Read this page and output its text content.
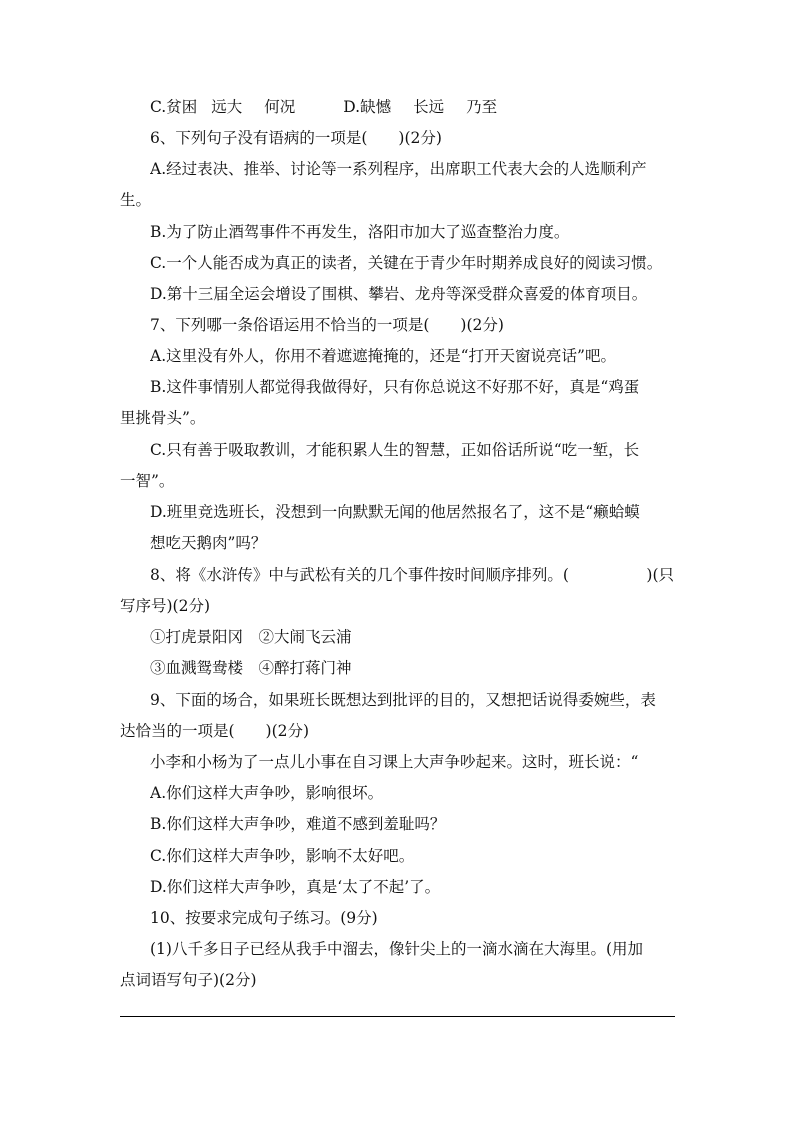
C.贫困 远大 何况	D.缺憾 长远 乃至
6、下列句子没有语病的一项是(　　)(2分)
A.经过表决、推举、讨论等一系列程序，出席职工代表大会的人选顺利产
生。
B.为了防止酒驾事件不再发生，洛阳市加大了巡查整治力度。
C.一个人能否成为真正的读者，关键在于青少年时期养成良好的阅读习惯。
D.第十三届全运会增设了围棋、攀岩、龙舟等深受群众喜爱的体育项目。
7、下列哪一条俗语运用不恰当的一项是(　　)(2分)
A.这里没有外人，你用不着遮遮掩掩的，还是“打开天窗说亮话”吧。
B.这件事情别人都觉得我做得好，只有你总说这不好那不好，真是“鸡蛋
里挑骨头”。
C.只有善于吸取教训，才能积累人生的智慧，正如俗话所说“吃一堑，长
一智”。
D.班里竞选班长，没想到一向默默无闻的他居然报名了，这不是“癞蛤蟆
想吃天鹅肉”吗？
8、将《水浒传》中与武松有关的几个事件按时间顺序排列。(　　　　　)(只
写序号)(2分)
①打虎景阳冈　②大闹飞云浦
③血溅鸳鸯楼　④醉打蒋门神
9、下面的场合，如果班长既想达到批评的目的，又想把话说得委婉些，表
达恰当的一项是(　　)(2分)
小李和小杨为了一点儿小事在自习课上大声争吵起来。这时，班长说：“
A.你们这样大声争吵，影响很坏。
B.你们这样大声争吵，难道不感到羞耻吗？
C.你们这样大声争吵，影响不太好吧。
D.你们这样大声争吵，真是‘太了不起’了。
10、按要求完成句子练习。(9分)
(1)八千多日子已经从我手中溜去，像针尖上的一滴水滴在大海里。(用加
点词语写句子)(2分)
